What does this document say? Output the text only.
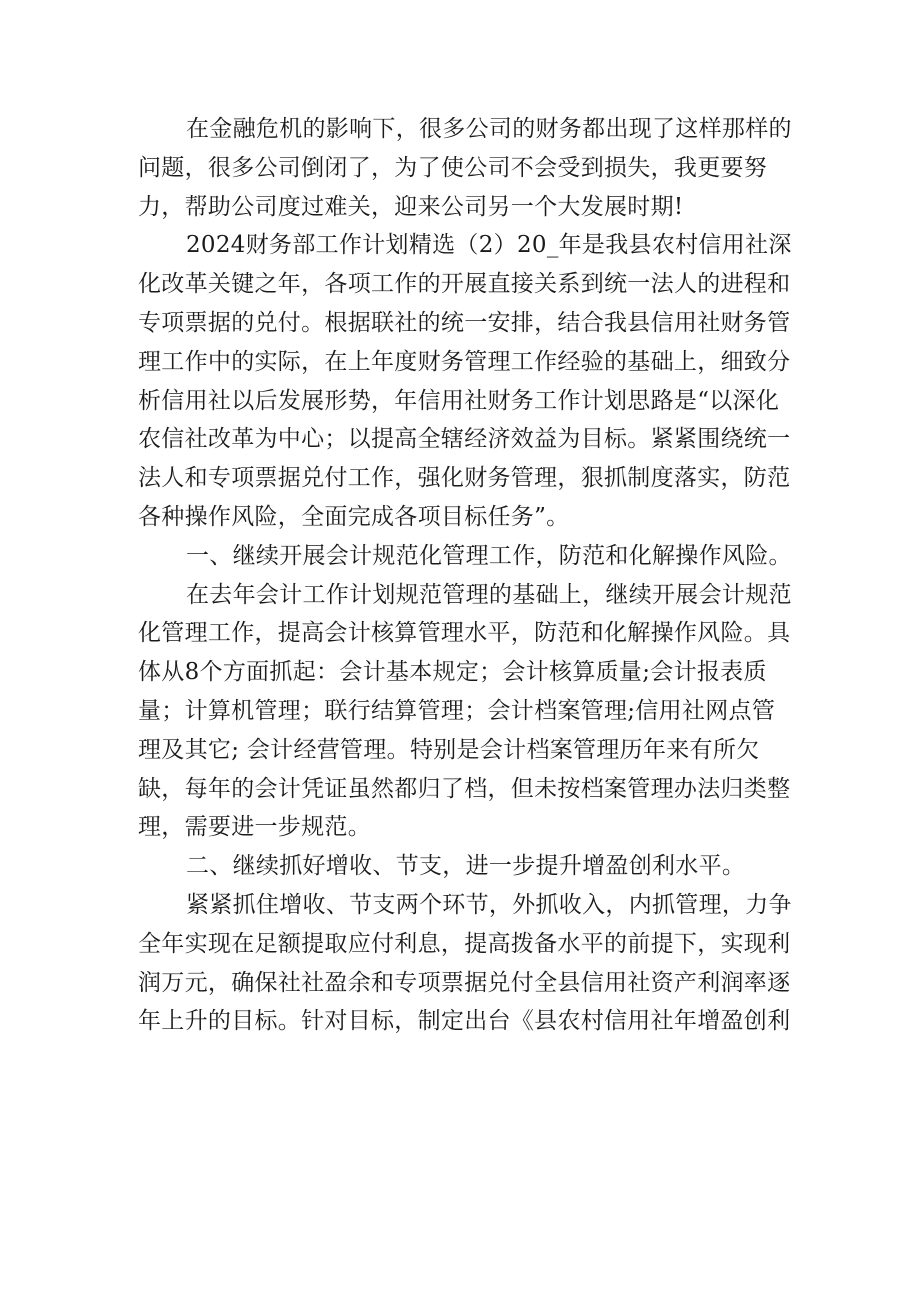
在金融危机的影响下，很多公司的财务都出现了这样那样的问题，很多公司倒闭了，为了使公司不会受到损失，我更要努力，帮助公司度过难关，迎来公司另一个大发展时期!

2024财务部工作计划精选（2）20_年是我县农村信用社深化改革关键之年，各项工作的开展直接关系到统一法人的进程和专项票据的兑付。根据联社的统一安排，结合我县信用社财务管理工作中的实际，在上年度财务管理工作经验的基础上，细致分析信用社以后发展形势，年信用社财务工作计划思路是“以深化农信社改革为中心；以提高全辖经济效益为目标。紧紧围绕统一法人和专项票据兑付工作，强化财务管理，狠抓制度落实，防范各种操作风险，全面完成各项目标任务”。

一、继续开展会计规范化管理工作，防范和化解操作风险。

在去年会计工作计划规范管理的基础上，继续开展会计规范化管理工作，提高会计核算管理水平，防范和化解操作风险。具体从8个方面抓起：会计基本规定；会计核算质量;会计报表质量；计算机管理；联行结算管理；会计档案管理;信用社网点管理及其它; 会计经营管理。特别是会计档案管理历年来有所欠缺，每年的会计凭证虽然都归了档，但未按档案管理办法归类整理，需要进一步规范。

二、继续抓好增收、节支，进一步提升增盈创利水平。

紧紧抓住增收、节支两个环节，外抓收入，内抓管理，力争全年实现在足额提取应付利息，提高拨备水平的前提下，实现利润万元，确保社社盈余和专项票据兑付全县信用社资产利润率逐年上升的目标。针对目标，制定出台《县农村信用社年增盈创利
